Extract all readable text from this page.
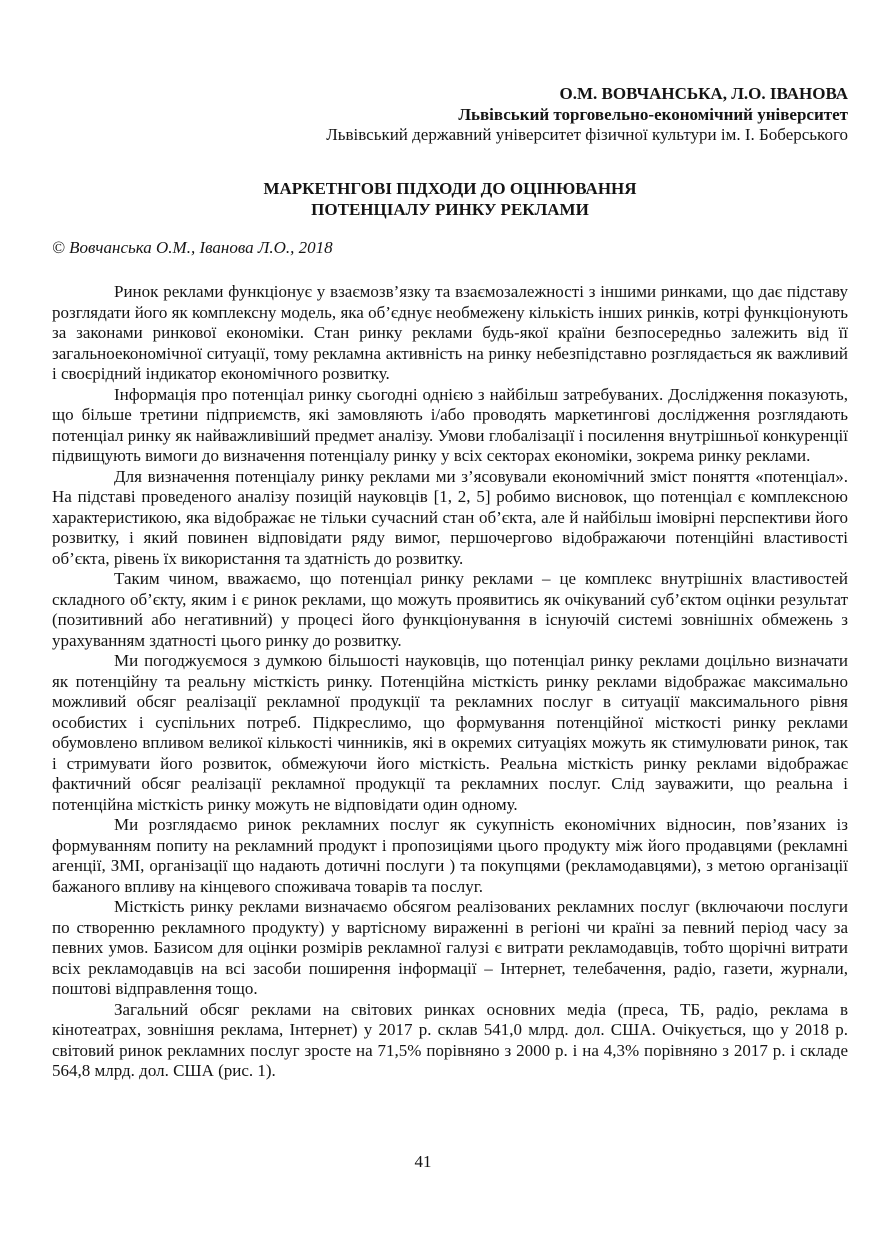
О.М. ВОВЧАНСЬКА, Л.О. ІВАНОВА
Львівський торговельно-економічний університет
Львівський державний університет фізичної культури ім. І. Боберського
МАРКЕТНГОВІ ПІДХОДИ ДО ОЦІНЮВАННЯ
ПОТЕНЦІАЛУ РИНКУ РЕКЛАМИ
© Вовчанська О.М., Іванова Л.О., 2018

Ринок реклами функціонує у взаємозв’язку та взаємозалежності з іншими ринками, що дає підставу розглядати його як комплексну модель, яка об’єднує необмежену кількість інших ринків, котрі функціонують за законами ринкової економіки. Стан ринку реклами будь-якої країни безпосередньо залежить від її загальноекономічної ситуації, тому рекламна активність на ринку небезпідставно розглядається як важливий і своєрідний індикатор економічного розвитку.

Інформація про потенціал ринку сьогодні однією з найбільш затребуваних. Дослідження показують, що більше третини підприємств, які замовляють і/або проводять маркетингові дослідження розглядають потенціал ринку як найважливіший предмет аналізу. Умови глобалізації і посилення внутрішньої конкуренції підвищують вимоги до визначення потенціалу ринку у всіх секторах економіки, зокрема ринку реклами.

Для визначення потенціалу ринку реклами ми з’ясовували економічний зміст поняття «потенціал». На підставі проведеного аналізу позицій науковців [1, 2, 5] робимо висновок, що потенціал є комплексною характеристикою, яка відображає не тільки сучасний стан об’єкта, але й найбільш імовірні перспективи його розвитку, і який повинен відповідати ряду вимог, першочергово відображаючи потенційні властивості об’єкта, рівень їх використання та здатність до розвитку.

Таким чином, вважаємо, що потенціал ринку реклами – це комплекс внутрішніх властивостей складного об’єкту, яким і є ринок реклами, що можуть проявитись як очікуваний суб’єктом оцінки результат (позитивний або негативний) у процесі його функціонування в існуючій системі зовнішніх обмежень з урахуванням здатності цього ринку до розвитку.

Ми погоджуємося з думкою більшості науковців, що потенціал ринку реклами доцільно визначати як потенційну та реальну місткість ринку. Потенційна місткість ринку реклами відображає максимально можливий обсяг реалізації рекламної продукції та рекламних послуг в ситуації максимального рівня особистих і суспільних потреб. Підкреслимо, що формування потенційної місткості ринку реклами обумовлено впливом великої кількості чинників, які в окремих ситуаціях можуть як стимулювати ринок, так і стримувати його розвиток, обмежуючи його місткість. Реальна місткість ринку реклами відображає фактичний обсяг реалізації рекламної продукції та рекламних послуг. Слід зауважити, що реальна і потенційна місткість ринку можуть не відповідати один одному.

Ми розглядаємо ринок рекламних послуг як сукупність економічних відносин, пов’язаних із формуванням попиту на рекламний продукт і пропозиціями цього продукту між його продавцями (рекламні агенції, ЗМІ, організації що надають дотичні послуги ) та покупцями (рекламодавцями), з метою організації бажаного впливу на кінцевого споживача товарів та послуг.

Місткість ринку реклами визначаємо обсягом реалізованих рекламних послуг (включаючи послуги по створенню рекламного продукту) у вартісному вираженні в регіоні чи країні за певний період часу за певних умов. Базисом для оцінки розмірів рекламної галузі є витрати рекламодавців, тобто щорічні витрати всіх рекламодавців на всі засоби поширення інформації – Інтернет, телебачення, радіо, газети, журнали, поштові відправлення тощо.

Загальний обсяг реклами на світових ринках основних медіа (преса, ТБ, радіо, реклама в кінотеатрах, зовнішня реклама, Інтернет) у 2017 р. склав 541,0 млрд. дол. США. Очікується, що у 2018 р. світовий ринок рекламних послуг зросте на 71,5% порівняно з 2000 р. і на 4,3% порівняно з 2017 р. і складе 564,8 млрд. дол. США (рис. 1).

41
